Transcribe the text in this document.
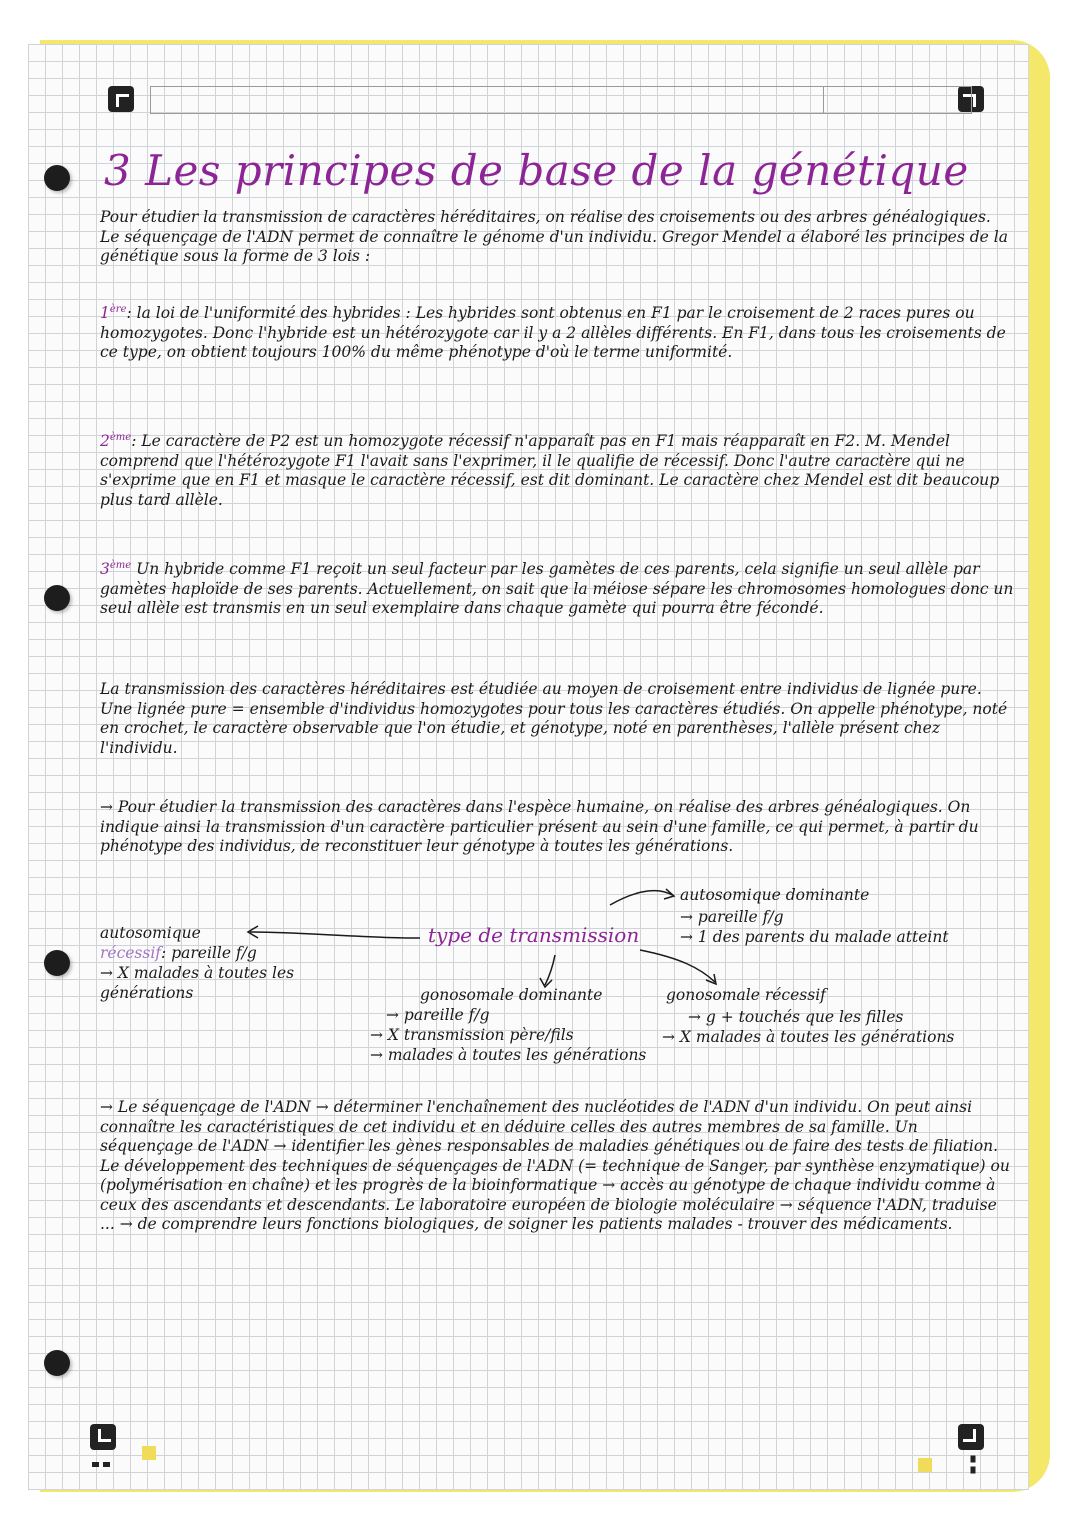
3 Les principes de base de la génétique

Pour étudier la transmission de caractères héréditaires, on réalise des croisements ou des arbres généalogiques. Le séquençage de l'ADN permet de connaître le génome d'un individu. Gregor Mendel a élaboré les principes de la génétique sous la forme de 3 lois :

1ère: la loi de l'uniformité des hybrides : Les hybrides sont obtenus en F1 par le croisement de 2 races pures ou homozygotes. Donc l'hybride est un hétérozygote car il y a 2 allèles différents. En F1, dans tous les croisements de ce type, on obtient toujours 100% du même phénotype d'où le terme uniformité.

2ème: Le caractère de P2 est un homozygote récessif n'apparaît pas en F1 mais réapparaît en F2. M. Mendel comprend que l'hétérozygote F1 l'avait sans l'exprimer, il le qualifie de récessif. Donc l'autre caractère qui ne s'exprime que en F1 et masque le caractère récessif, est dit dominant. Le caractère chez Mendel est dit beaucoup plus tard allèle.

3ème Un hybride comme F1 reçoit un seul facteur par les gamètes de ces parents, cela signifie un seul allèle par gamètes haploïde de ses parents. Actuellement, on sait que la méiose sépare les chromosomes homologues donc un seul allèle est transmis en un seul exemplaire dans chaque gamète qui pourra être fécondé.

La transmission des caractères héréditaires est étudiée au moyen de croisement entre individus de lignée pure. Une lignée pure = ensemble d'individus homozygotes pour tous les caractères étudiés. On appelle phénotype, noté en crochet, le caractère observable que l'on étudie, et génotype, noté en parenthèses, l'allèle présent chez l'individu.

→ Pour étudier la transmission des caractères dans l'espèce humaine, on réalise des arbres généalogiques. On indique ainsi la transmission d'un caractère particulier présent au sein d'une famille, ce qui permet, à partir du phénotype des individus, de reconstituer leur génotype à toutes les générations.

autosomique dominante
→ pareille f/g
→ 1 des parents du malade atteint
type de transmission
autosomique
récessif: pareille f/g
→ X malades à toutes les
générations	gonosomale dominante
→ pareille f/g
→ X transmission père/fils
→ malades à toutes les générations
gonosomale récessif
→ g + touchés que les filles
→ X malades à toutes les générations

→ Le séquençage de l'ADN → déterminer l'enchaînement des nucléotides de l'ADN d'un individu. On peut ainsi connaître les caractéristiques de cet individu et en déduire celles des autres membres de sa famille. Un séquençage de l'ADN → identifier les gènes responsables de maladies génétiques ou de faire des tests de filiation. Le développement des techniques de séquençages de l'ADN (= technique de Sanger, par synthèse enzymatique) ou (polymérisation en chaîne) et les progrès de la bioinformatique → accès au génotype de chaque individu comme à ceux des ascendants et descendants. Le laboratoire européen de biologie moléculaire → séquence l'ADN, traduise ... → de comprendre leurs fonctions biologiques, de soigner les patients malades - trouver des médicaments.
